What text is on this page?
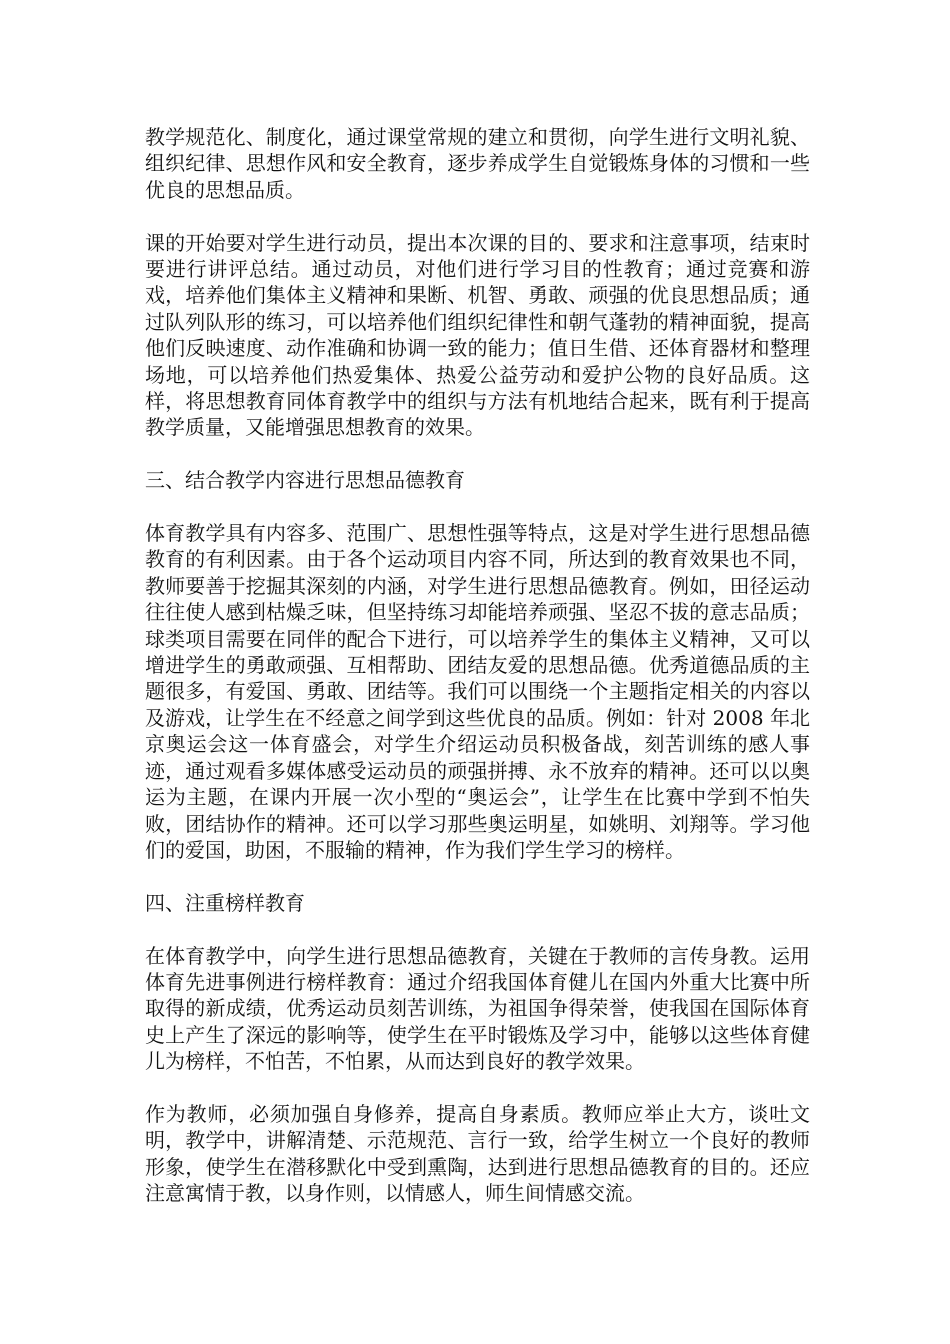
教学规范化、制度化，通过课堂常规的建立和贯彻，向学生进行文明礼貌、组织纪律、思想作风和安全教育，逐步养成学生自觉锻炼身体的习惯和一些优良的思想品质。

课的开始要对学生进行动员，提出本次课的目的、要求和注意事项，结束时要进行讲评总结。通过动员，对他们进行学习目的性教育；通过竞赛和游戏，培养他们集体主义精神和果断、机智、勇敢、顽强的优良思想品质；通过队列队形的练习，可以培养他们组织纪律性和朝气蓬勃的精神面貌，提高他们反映速度、动作准确和协调一致的能力；值日生借、还体育器材和整理场地，可以培养他们热爱集体、热爱公益劳动和爱护公物的良好品质。这样，将思想教育同体育教学中的组织与方法有机地结合起来，既有利于提高教学质量，又能增强思想教育的效果。

三、结合教学内容进行思想品德教育

体育教学具有内容多、范围广、思想性强等特点，这是对学生进行思想品德教育的有利因素。由于各个运动项目内容不同，所达到的教育效果也不同，教师要善于挖掘其深刻的内涵，对学生进行思想品德教育。例如，田径运动往往使人感到枯燥乏味，但坚持练习却能培养顽强、坚忍不拔的意志品质；球类项目需要在同伴的配合下进行，可以培养学生的集体主义精神，又可以增进学生的勇敢顽强、互相帮助、团结友爱的思想品德。优秀道德品质的主题很多，有爱国、勇敢、团结等。我们可以围绕一个主题指定相关的内容以及游戏，让学生在不经意之间学到这些优良的品质。例如：针对 2008 年北京奥运会这一体育盛会，对学生介绍运动员积极备战，刻苦训练的感人事迹，通过观看多媒体感受运动员的顽强拼搏、永不放弃的精神。还可以以奥运为主题，在课内开展一次小型的“奥运会”，让学生在比赛中学到不怕失败，团结协作的精神。还可以学习那些奥运明星，如姚明、刘翔等。学习他们的爱国，助困，不服输的精神，作为我们学生学习的榜样。

四、注重榜样教育

在体育教学中，向学生进行思想品德教育，关键在于教师的言传身教。运用体育先进事例进行榜样教育：通过介绍我国体育健儿在国内外重大比赛中所取得的新成绩，优秀运动员刻苦训练，为祖国争得荣誉，使我国在国际体育史上产生了深远的影响等，使学生在平时锻炼及学习中，能够以这些体育健儿为榜样，不怕苦，不怕累，从而达到良好的教学效果。

作为教师，必须加强自身修养，提高自身素质。教师应举止大方，谈吐文明，教学中，讲解清楚、示范规范、言行一致，给学生树立一个良好的教师形象，使学生在潜移默化中受到熏陶，达到进行思想品德教育的目的。还应注意寓情于教，以身作则，以情感人，师生间情感交流。
